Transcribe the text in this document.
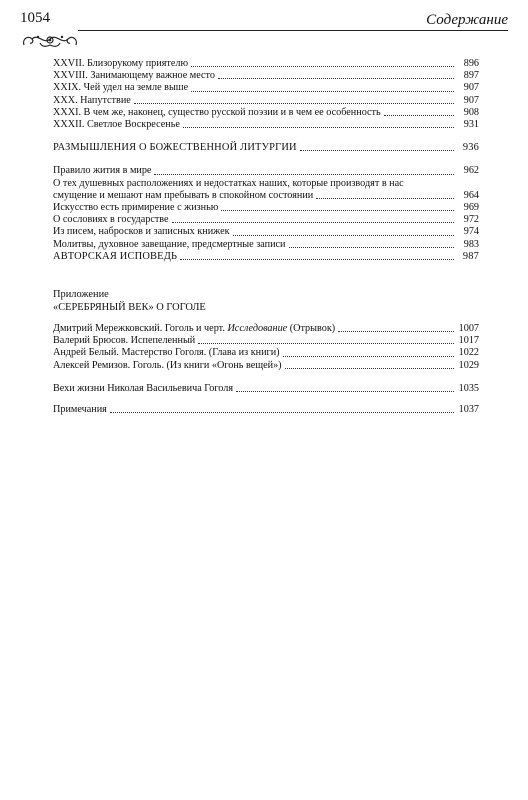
1054	Содержание
XXVII. Близорукому приятелю	896
XXVIII. Занимающему важное место	897
XXIX. Чей удел на земле выше	907
XXX. Напутствие	907
XXXI. В чем же, наконец, существо русской поэзии и в чем ее особенность	908
XXXII. Светлое Воскресенье	931
РАЗМЫШЛЕНИЯ О БОЖЕСТВЕННОЙ ЛИТУРГИИ	936
Правило жития в мире	962
О тех душевных расположениях и недостатках наших, которые производят в нас
смущение и мешают нам пребывать в спокойном состоянии	964
Искусство есть примирение с жизнью	969
О сословиях в государстве	972
Из писем, набросков и записных книжек	974
Молитвы, духовное завещание, предсмертные записи	983
АВТОРСКАЯ ИСПОВЕДЬ	987
Приложение
«СЕРЕБРЯНЫЙ ВЕК» О ГОГОЛЕ
Дмитрий Мережковский. Гоголь и черт. Исследование (Отрывок)	1007
Валерий Брюсов. Испепеленный	1017
Андрей Белый. Мастерство Гоголя. (Глава из книги)	1022
Алексей Ремизов. Гоголь. (Из книги «Огонь вещей»)	1029
Вехи жизни Николая Васильевича Гоголя	1035
Примечания	1037
